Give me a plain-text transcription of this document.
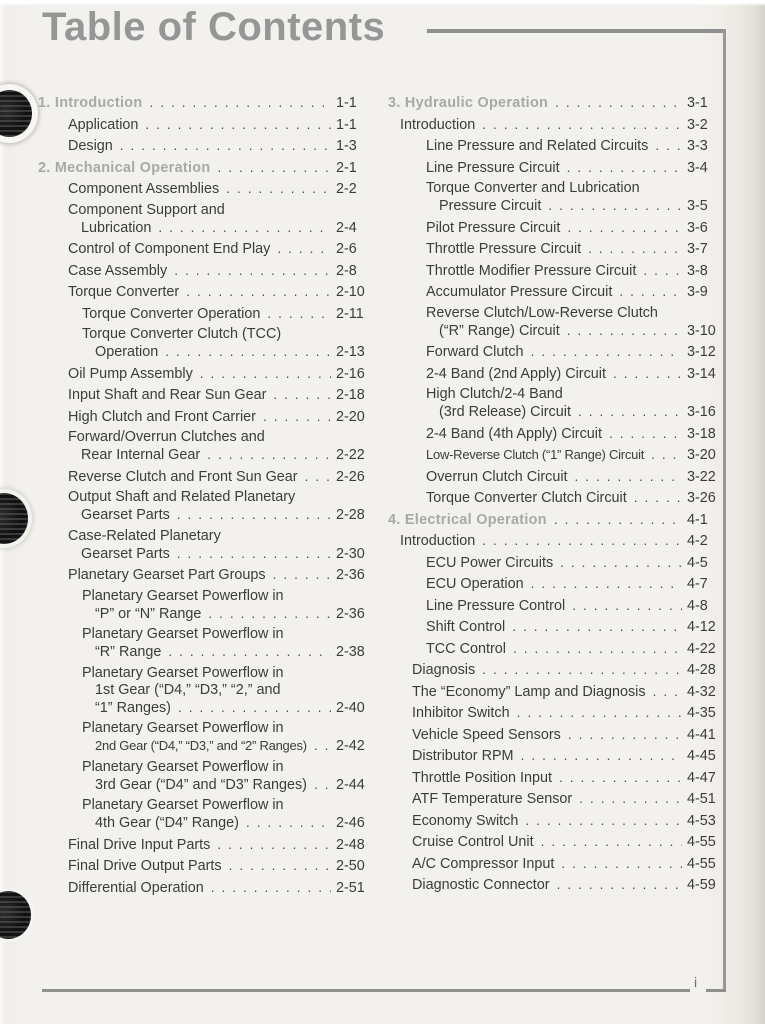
Table of Contents
1. Introduction .....	1-1
Application .....	1-1
Design .....	1-3
2. Mechanical Operation .....	2-1
Component Assemblies .....	2-2
Component Support and
Lubrication .....	2-4
Control of Component End Play .....	2-6
Case Assembly .....	2-8
Torque Converter .....	2-10
Torque Converter Operation .....	2-11
Torque Converter Clutch (TCC)
Operation .....	2-13
Oil Pump Assembly .....	2-16
Input Shaft and Rear Sun Gear .....	2-18
High Clutch and Front Carrier .....	2-20
Forward/Overrun Clutches and
Rear Internal Gear .....	2-22
Reverse Clutch and Front Sun Gear .....	2-26
Output Shaft and Related Planetary
Gearset Parts .....	2-28
Case-Related Planetary
Gearset Parts .....	2-30
Planetary Gearset Part Groups .....	2-36
Planetary Gearset Powerflow in
“P” or “N” Range .....	2-36
Planetary Gearset Powerflow in
“R” Range .....	2-38
Planetary Gearset Powerflow in
1st Gear (“D4,” “D3,” “2,” and
“1” Ranges) .....	2-40
Planetary Gearset Powerflow in
2nd Gear (“D4,” “D3,” and “2” Ranges) ..... 2-42
Planetary Gearset Powerflow in
3rd Gear (“D4” and “D3” Ranges) ..... 2-44
Planetary Gearset Powerflow in
4th Gear (“D4” Range) .....	2-46
Final Drive Input Parts .....	2-48
Final Drive Output Parts .....	2-50
Differential Operation .....	2-51
3. Hydraulic Operation .....	3-1
Introduction .....	3-2
Line Pressure and Related Circuits .....	3-3
Line Pressure Circuit .....	3-4
Torque Converter and Lubrication
Pressure Circuit .....	3-5
Pilot Pressure Circuit .....	3-6
Throttle Pressure Circuit .....	3-7
Throttle Modifier Pressure Circuit .....	3-8
Accumulator Pressure Circuit .....	3-9
Reverse Clutch/Low-Reverse Clutch
(“R” Range) Circuit .....	3-10
Forward Clutch .....	3-12
2-4 Band (2nd Apply) Circuit .....	3-14
High Clutch/2-4 Band
(3rd Release) Circuit .....	3-16
2-4 Band (4th Apply) Circuit .....	3-18
Low-Reverse Clutch (“1” Range) Circuit .....	3-20
Overrun Clutch Circuit .....	3-22
Torque Converter Clutch Circuit .....	3-26
4. Electrical Operation .....	4-1
Introduction .....	4-2
ECU Power Circuits .....	4-5
ECU Operation .....	4-7
Line Pressure Control .....	4-8
Shift Control .....	4-12
TCC Control .....	4-22
Diagnosis .....	4-28
The “Economy” Lamp and Diagnosis .....	4-32
Inhibitor Switch .....	4-35
Vehicle Speed Sensors .....	4-41
Distributor RPM .....	4-45
Throttle Position Input .....	4-47
ATF Temperature Sensor .....	4-51
Economy Switch .....	4-53
Cruise Control Unit .....	4-55
A/C Compressor Input .....	4-55
Diagnostic Connector .....	4-59
i
